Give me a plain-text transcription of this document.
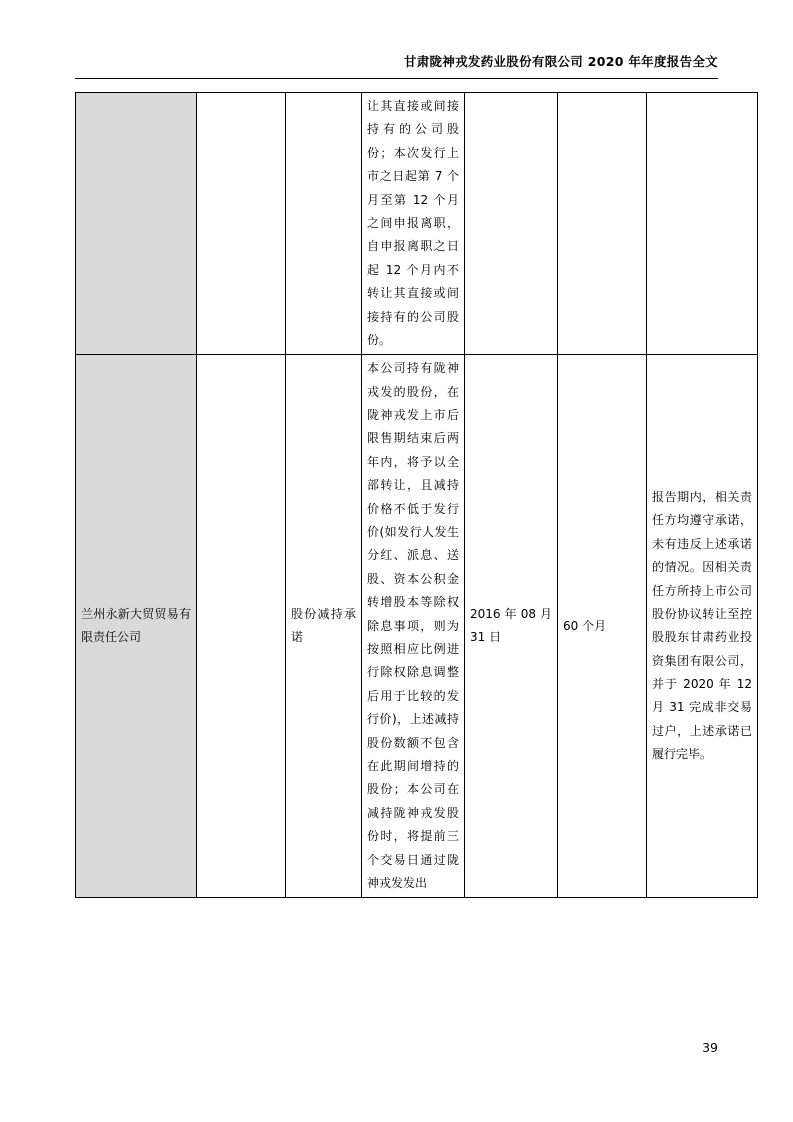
甘肃陇神戎发药业股份有限公司 2020 年年度报告全文
			让其直接或间接持有的公司股份；本次发行上市之日起第 7 个月至第 12 个月之间申报离职，自申报离职之日起 12 个月内不转让其直接或间接持有的公司股份。			
兰州永新大贸贸易有限责任公司		股份减持承诺	本公司持有陇神戎发的股份，在陇神戎发上市后限售期结束后两年内，将予以全部转让，且减持价格不低于发行价(如发行人发生分红、派息、送股、资本公积金转增股本等除权除息事项，则为按照相应比例进行除权除息调整后用于比较的发行价)，上述减持股份数额不包含在此期间增持的股份；本公司在减持陇神戎发股份时，将提前三个交易日通过陇神戎发发出	2016 年 08 月 31 日	60 个月	报告期内，相关责任方均遵守承诺，未有违反上述承诺的情况。因相关责任方所持上市公司股份协议转让至控股股东甘肃药业投资集团有限公司，并于 2020 年 12 月 31 完成非交易过户，上述承诺已履行完毕。
39
